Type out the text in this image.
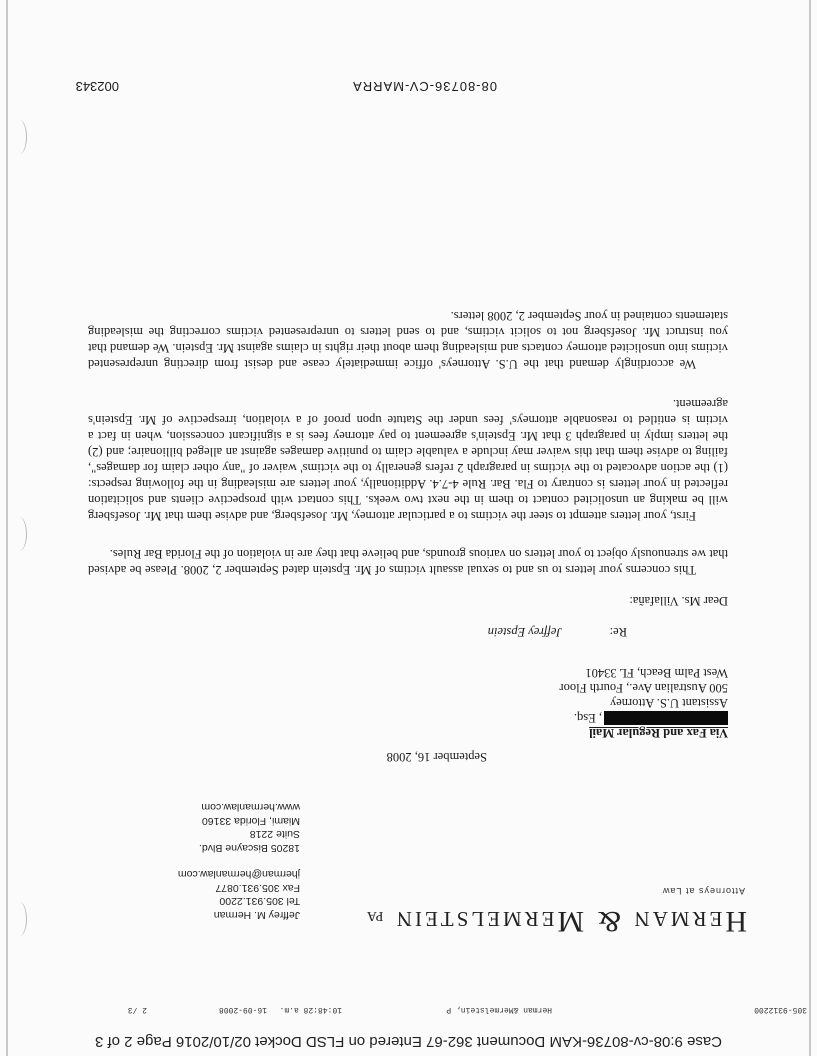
Case 9:08-cv-80736-KAM Document 362-67 Entered on FLSD Docket 02/10/2016 Page 2 of 3
305-9312200
Herman &Mermelstein, P
10:48:28 a.m.
16-09-2008
2 /3
Herman & Mermelstein PA
Attorneys at Law
Jeffrey M. Herman
Tel 305.931.2200
Fax 305.931.0877
jherman@hermanlaw.com
18205 Biscayne Blvd.
Suite 2218
Miami, Florida 33160
www.hermanlaw.com
September 16, 2008
Via Fax and Regular Mail
, Esq.
Assistant U.S. Attorney
500 Australian Ave., Fourth Floor
West Palm Beach, FL 33401
Re: Jeffrey Epstein
Dear Ms. Villafaña:

This concerns your letters to us and to sexual assault victims of Mr. Epstein dated September 2, 2008. Please be advised that we strenuously object to your letters on various grounds, and believe that they are in violation of the Florida Bar Rules.

First, your letters attempt to steer the victims to a particular attorney, Mr. Josefsberg, and advise them that Mr. Josefsberg will be making an unsolicited contact to them in the next two weeks. This contact with prospective clients and solicitation reflected in your letters is contrary to Fla. Bar. Rule 4-7.4. Additionally, your letters are misleading in the following respects: (1) the action advocated to the victims in paragraph 2 refers generally to the victims' waiver of "any other claim for damages", failing to advise them that this waiver may include a valuable claim to punitive damages against an alleged billionaire; and (2) the letters imply in paragraph 3 that Mr. Epstein's agreement to pay attorney fees is a significant concession, when in fact a victim is entitled to reasonable attorneys' fees under the Statute upon proof of a violation, irrespective of Mr. Epstein's agreement.

We accordingly demand that the U.S. Attorneys' office immediately cease and desist from directing unrepresented victims into unsolicited attorney contacts and misleading them about their rights in claims against Mr. Epstein. We demand that you instruct Mr. Josefsberg not to solicit victims, and to send letters to unrepresented victims correcting the misleading statements contained in your September 2, 2008 letters.

08-80736-CV-MARRA
002343
